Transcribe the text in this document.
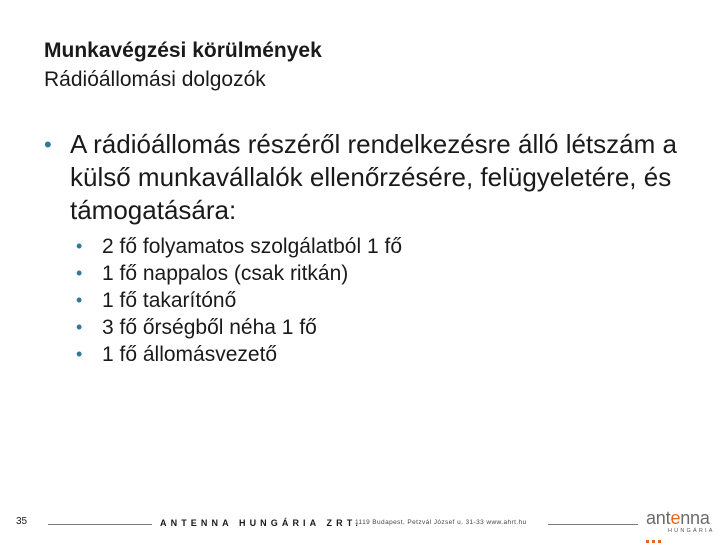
Munkavégzési körülmények
Rádióállomási dolgozók
• A rádióállomás részéről rendelkezésre álló létszám a külső munkavállalók ellenőrzésére, felügyeletére, és támogatására:
• 2 fő folyamatos szolgálatból 1 fő
• 1 fő nappalos (csak ritkán)
• 1 fő takarítónő
• 3 fő őrségből néha 1 fő
• 1 fő állomásvezető
35	ANTENNA HUNGÁRIA ZRT.
1119 Budapest, Petzvál József u. 31-33 www.ahrt.hu	antenna
HUNGÁRIA
